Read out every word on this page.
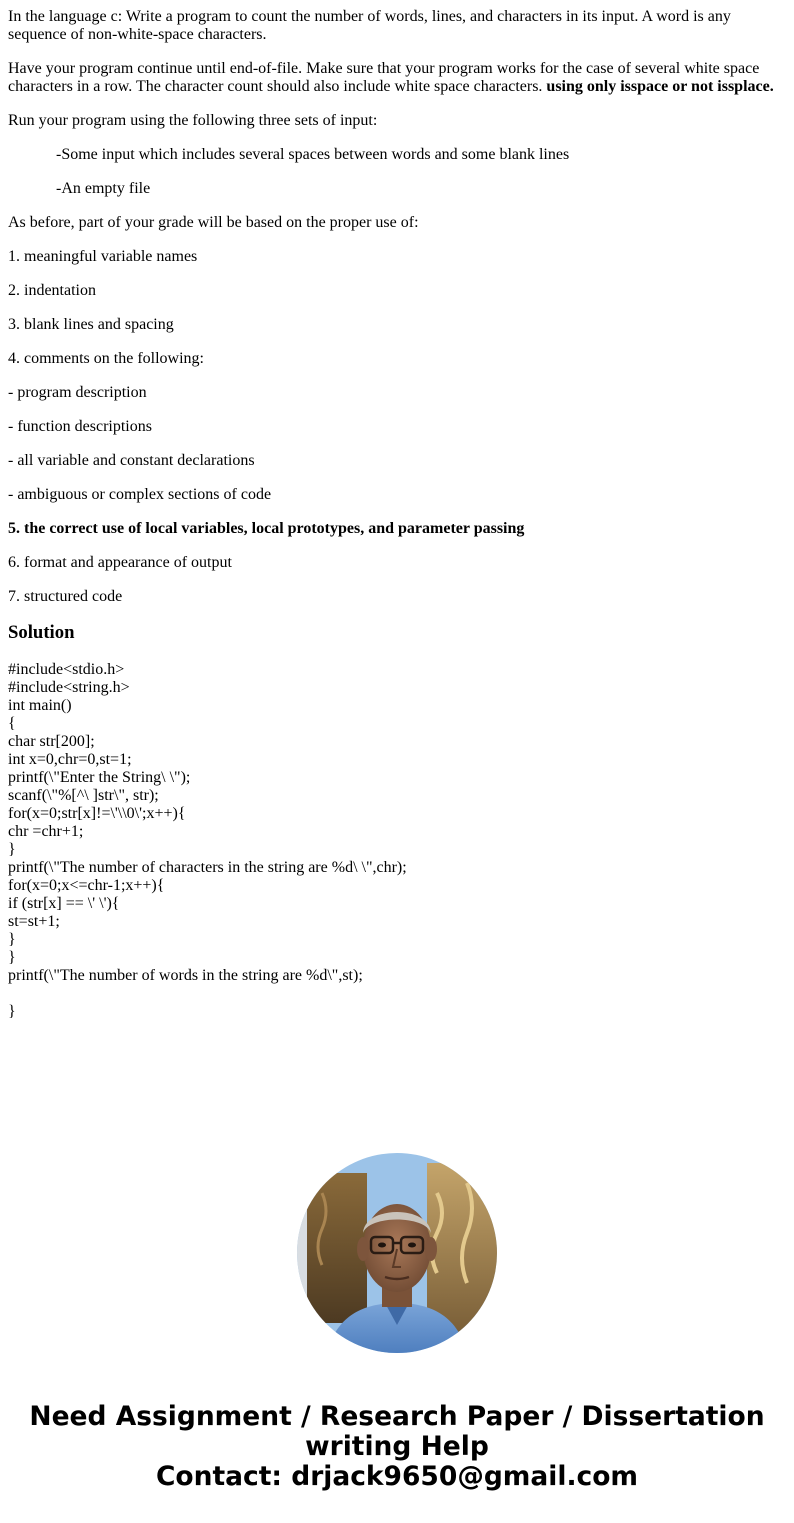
In the language c: Write a program to count the number of words, lines, and characters in its input. A word is any sequence of non-white-space characters.

Have your program continue until end-of-file. Make sure that your program works for the case of several white space characters in a row. The character count should also include white space characters. using only isspace or not issplace.

Run your program using the following three sets of input:

-Some input which includes several spaces between words and some blank lines

-An empty file

As before, part of your grade will be based on the proper use of:

1. meaningful variable names

2. indentation

3. blank lines and spacing

4. comments on the following:

- program description

- function descriptions

- all variable and constant declarations

- ambiguous or complex sections of code

5. the correct use of local variables, local prototypes, and parameter passing

6. format and appearance of output

7. structured code

Solution
#include<stdio.h>
#include<string.h>
int main()
{
char str[200];
int x=0,chr=0,st=1;
printf(\"Enter the String\ \");
scanf(\"%[^\ ]str\", str);
for(x=0;str[x]!=\'\\0\';x++){
chr =chr+1;
}
printf(\"The number of characters in the string are %d\ \",chr);
for(x=0;x<=chr-1;x++){
if (str[x] == \' \'){
st=st+1;
}
}
printf(\"The number of words in the string are %d\",st);
}
Need Assignment / Research Paper / Dissertation
writing Help
Contact: drjack9650@gmail.com
